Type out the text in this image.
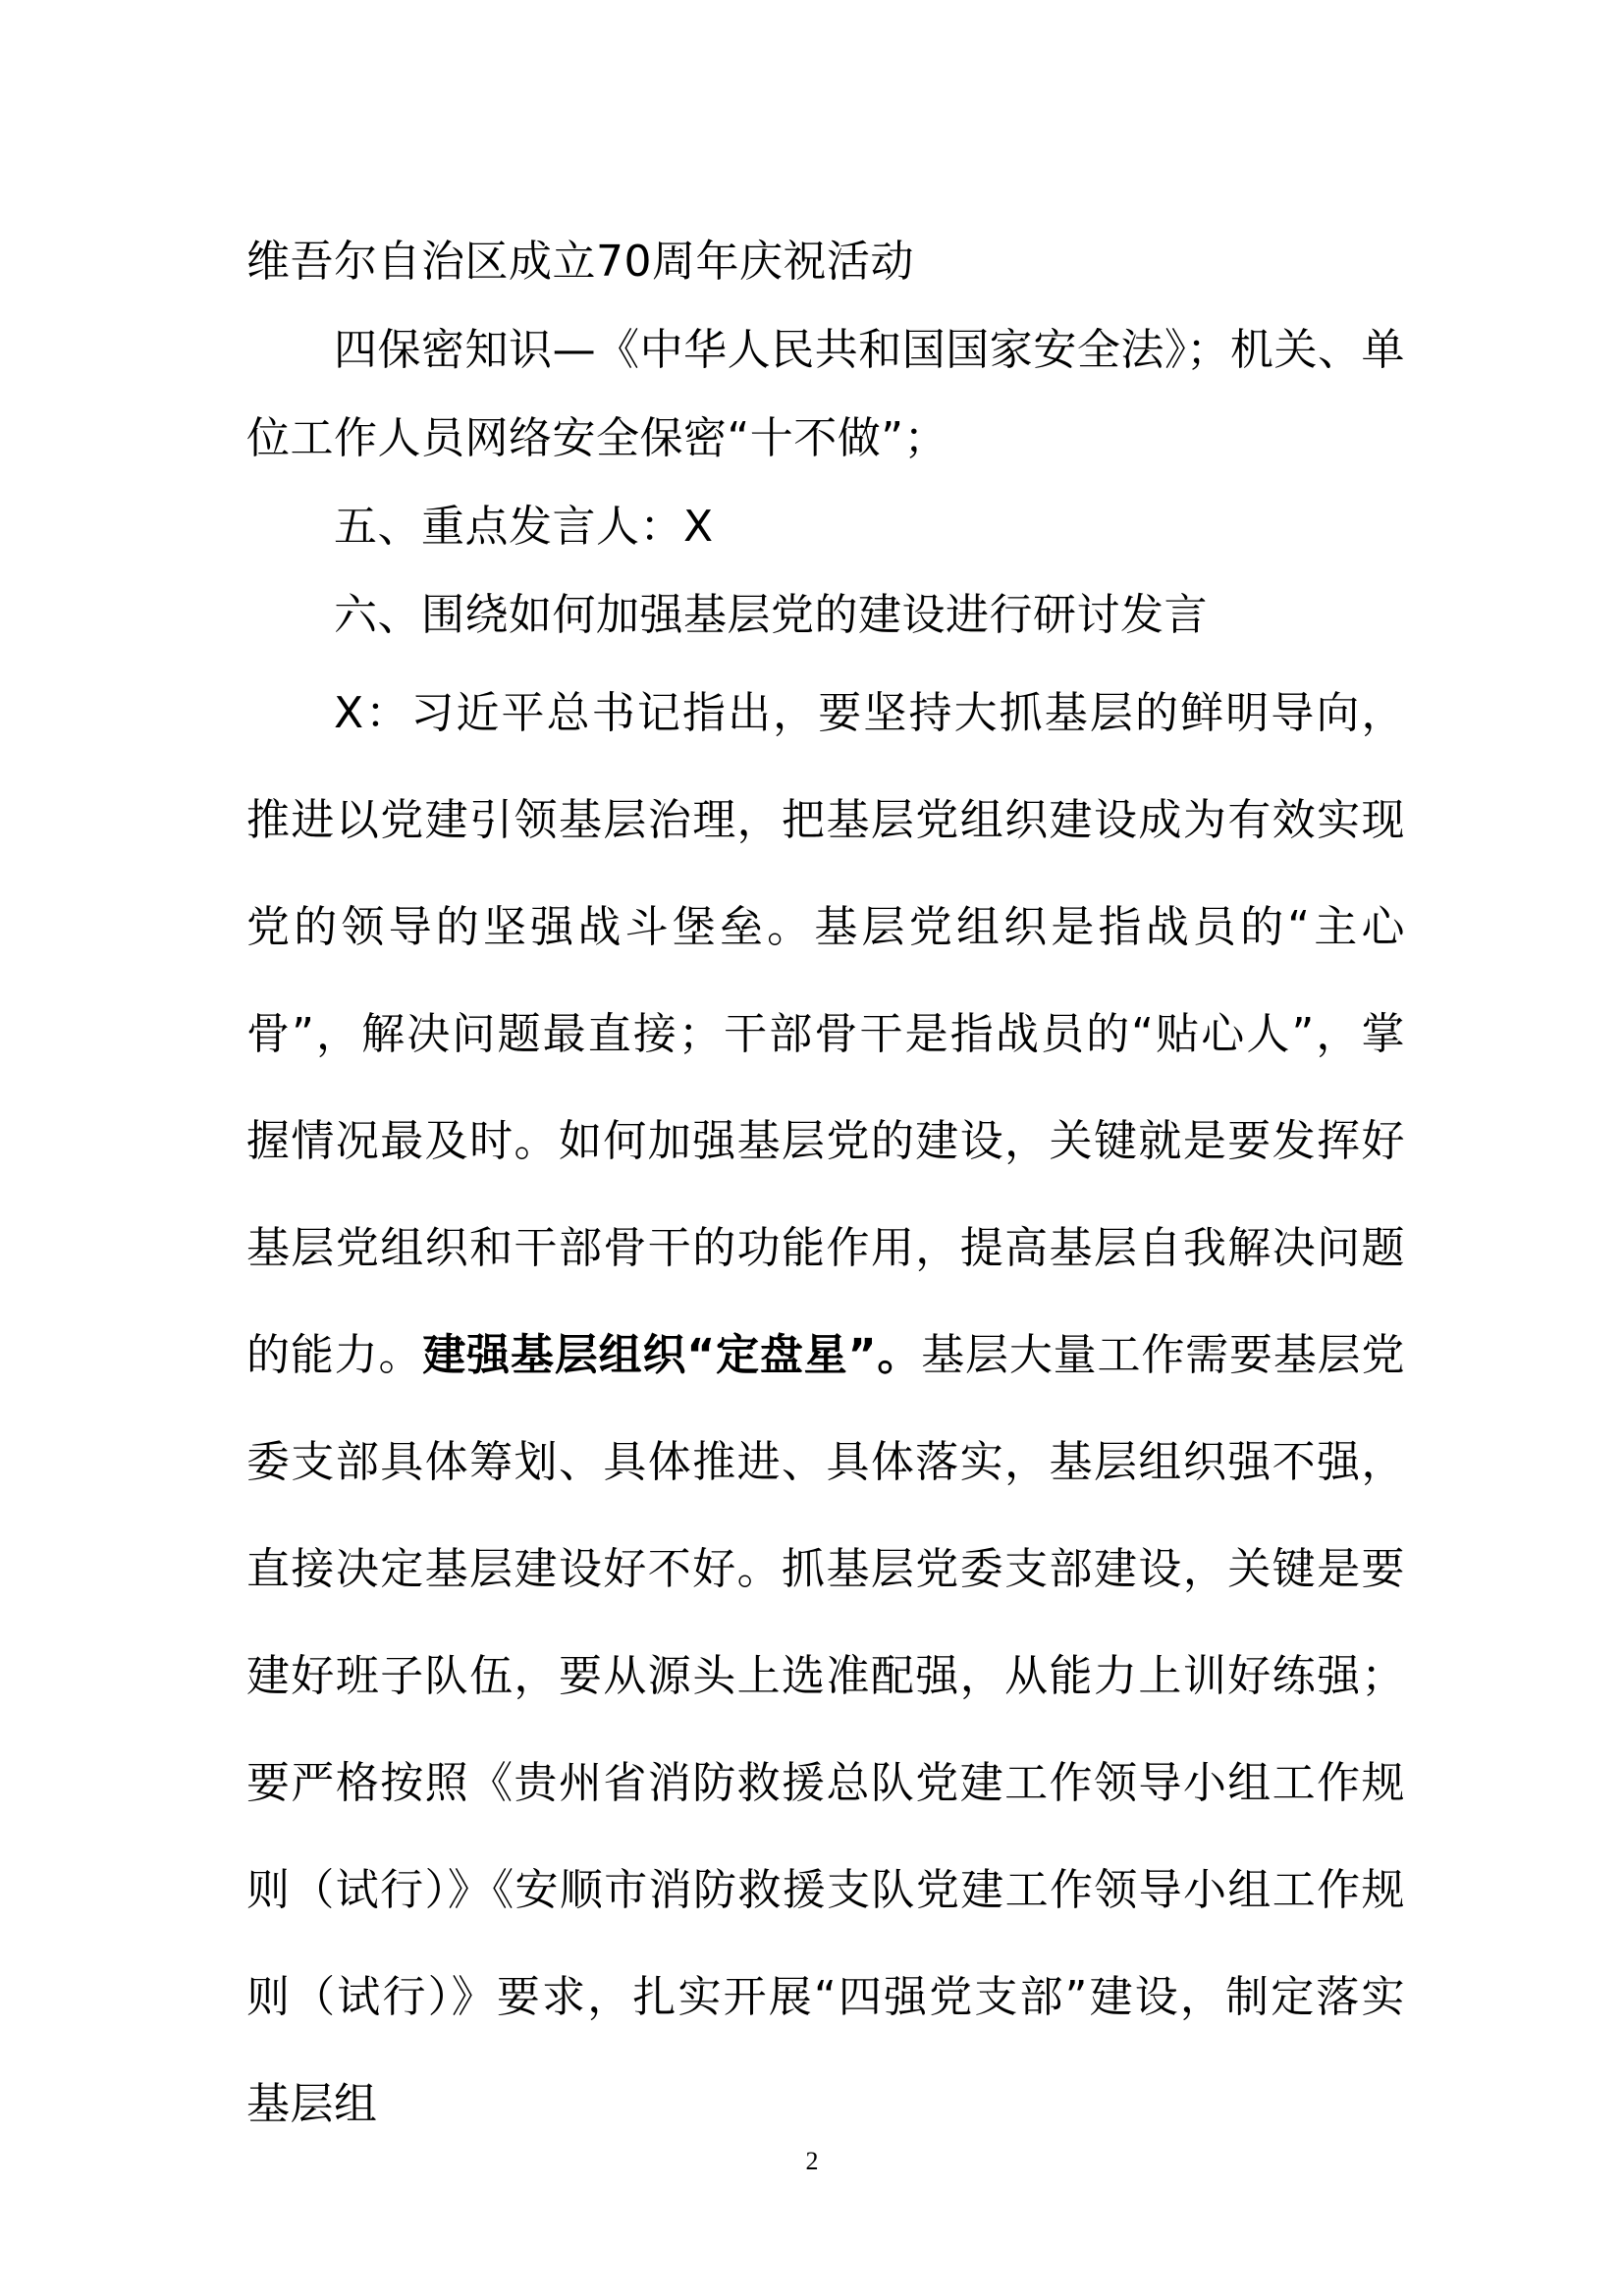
维吾尔自治区成立70周年庆祝活动

四保密知识—《中华人民共和国国家安全法》；机关、单位工作人员网络安全保密“十不做”；

五、重点发言人：X

六、围绕如何加强基层党的建设进行研讨发言

X：习近平总书记指出，要坚持大抓基层的鲜明导向，推进以党建引领基层治理，把基层党组织建设成为有效实现党的领导的坚强战斗堡垒。基层党组织是指战员的“主心骨”，解决问题最直接；干部骨干是指战员的“贴心人”，掌握情况最及时。如何加强基层党的建设，关键就是要发挥好基层党组织和干部骨干的功能作用，提高基层自我解决问题的能力。建强基层组织“定盘星”。基层大量工作需要基层党委支部具体筹划、具体推进、具体落实，基层组织强不强，直接决定基层建设好不好。抓基层党委支部建设，关键是要建好班子队伍，要从源头上选准配强，从能力上训好练强；要严格按照《贵州省消防救援总队党建工作领导小组工作规则（试行）》《安顺市消防救援支队党建工作领导小组工作规则（试行）》要求，扎实开展“四强党支部”建设，制定落实基层组

2
